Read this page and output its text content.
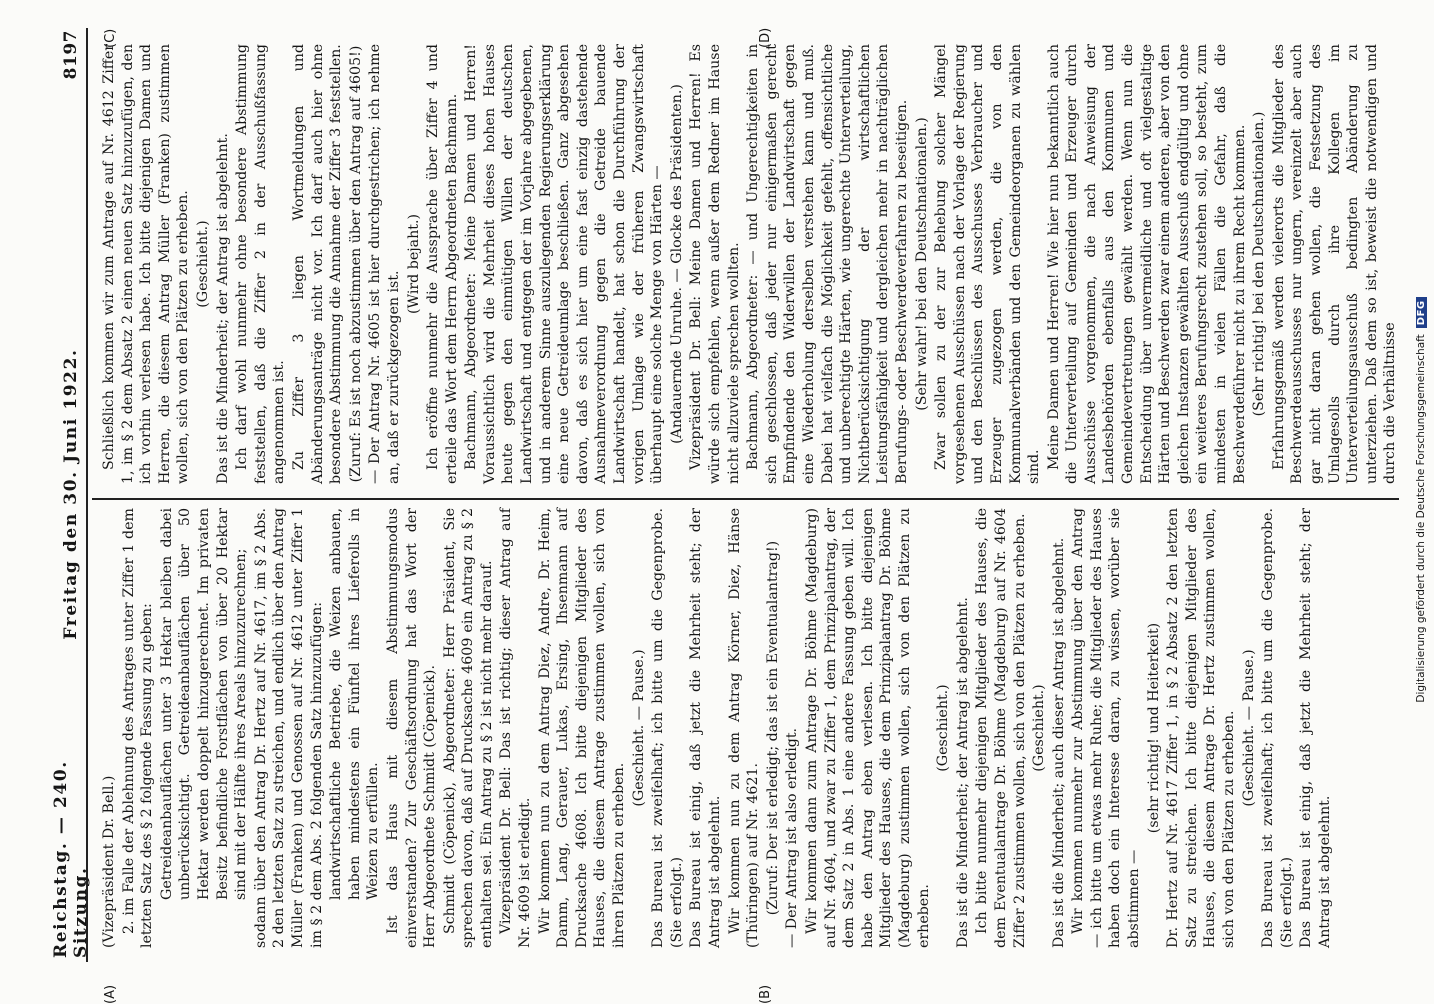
Reichstag. — 240. Sitzung.
Freitag den 30. Juni 1922.
8197
(A)	(B)
(C)	(D)

(Vizepräsident Dr. Bell.) 2. im Falle der Ablehnung des Antrages unter Ziffer 1 dem letzten Satz des § 2 folgende Fassung zu geben: Getreideanbauflächen unter 3 Hektar bleiben dabei unberücksichtigt. Getreideanbauflächen über 50 Hektar werden doppelt hinzugerechnet. Im privaten Besitz befindliche Forstflächen von über 20 Hektar sind mit der Hälfte ihres Areals hinzuzurechnen; sodann über den Antrag Dr. Hertz auf Nr. 4617, im § 2 Abs. 2 den letzten Satz zu streichen, und endlich über den Antrag Müller (Franken) und Genossen auf Nr. 4612 unter Ziffer 1 im § 2 dem Abs. 2 folgenden Satz hinzuzufügen: landwirtschaftliche Betriebe, die Weizen anbauen, haben mindestens ein Fünftel ihres Lieferolls in Weizen zu erfüllen. Ist das Haus mit diesem Abstimmungsmodus einverstanden? Zur Geschäftsordnung hat das Wort der Herr Abgeordnete Schmidt (Cöpenick). Schmidt (Cöpenick), Abgeordneter: Herr Präsident, Sie sprechen davon, daß auf Drucksache 4609 ein Antrag zu § 2 enthalten sei. Ein Antrag zu § 2 ist nicht mehr darauf. Vizepräsident Dr. Bell: Das ist richtig; dieser Antrag auf Nr. 4609 ist erledigt. Wir kommen nun zu dem Antrag Diez, Andre, Dr. Heim, Damm, Lang, Gerauer, Lukas, Ersing, Ihsenmann auf Drucksache 4608. Ich bitte diejenigen Mitglieder des Hauses, die diesem Antrage zustimmen wollen, sich von ihren Plätzen zu erheben.

(Geschieht. — Pause.) Das Bureau ist zweifelhaft; ich bitte um die Gegenprobe. (Sie erfolgt.) Das Bureau ist einig, daß jetzt die Mehrheit steht; der Antrag ist abgelehnt. Wir kommen nun zu dem Antrag Körner, Diez, Hänse (Thüringen) auf Nr. 4621. (Zuruf: Der ist erledigt; das ist ein Eventualantrag!) — Der Antrag ist also erledigt. Wir kommen dann zum Antrage Dr. Böhme (Magdeburg) auf Nr. 4604, und zwar zu Ziffer 1, dem Prinzipalantrag, der dem Satz 2 in Abs. 1 eine andere Fassung geben will. Ich habe den Antrag eben verlesen. Ich bitte diejenigen Mitglieder des Hauses, die dem Prinzipalantrag Dr. Böhme (Magdeburg) zustimmen wollen, sich von den Plätzen zu erheben.

(Geschieht.) Das ist die Minderheit; der Antrag ist abgelehnt. Ich bitte nunmehr diejenigen Mitglieder des Hauses, die dem Eventualantrage Dr. Böhme (Magdeburg) auf Nr. 4604 Ziffer 2 zustimmen wollen, sich von den Plätzen zu erheben. (Geschieht.) Das ist die Minderheit; auch dieser Antrag ist abgelehnt. Wir kommen nunmehr zur Abstimmung über den Antrag — ich bitte um etwas mehr Ruhe; die Mitglieder des Hauses haben doch ein Interesse daran, zu wissen, worüber sie abstimmen —

(sehr richtig! und Heiterkeit) Dr. Hertz auf Nr. 4617 Ziffer 1, in § 2 Absatz 2 den letzten Satz zu streichen. Ich bitte diejenigen Mitglieder des Hauses, die diesem Antrage Dr. Hertz zustimmen wollen, sich von den Plätzen zu erheben. (Geschieht. — Pause.) Das Bureau ist zweifelhaft; ich bitte um die Gegenprobe. (Sie erfolgt.) Das Bureau ist einig, daß jetzt die Mehrheit steht; der Antrag ist abgelehnt.

Schließlich kommen wir zum Antrage auf Nr. 4612 Ziffer 1, im § 2 dem Absatz 2 einen neuen Satz hinzuzufügen, den ich vorhin verlesen habe. Ich bitte diejenigen Damen und Herren, die diesem Antrag Müller (Franken) zustimmen wollen, sich von den Plätzen zu erheben. (Geschieht.) Das ist die Minderheit; der Antrag ist abgelehnt. Ich darf wohl nunmehr ohne besondere Abstimmung feststellen, daß die Ziffer 2 in der Ausschußfassung angenommen ist. Zu Ziffer 3 liegen Wortmeldungen und Abänderungsanträge nicht vor. Ich darf auch hier ohne besondere Abstimmung die Annahme der Ziffer 3 feststellen. (Zuruf: Es ist noch abzustimmen über den Antrag auf 4605!) — Der Antrag Nr. 4605 ist hier durchgestrichen; ich nehme an, daß er zurückgezogen ist.

(Wird bejaht.) Ich eröffne nunmehr die Aussprache über Ziffer 4 und erteile das Wort dem Herrn Abgeordneten Bachmann. Bachmann, Abgeordneter: Meine Damen und Herren! Voraussichtlich wird die Mehrheit dieses hohen Hauses heute gegen den einmütigen Willen der deutschen Landwirtschaft und entgegen der im Vorjahre abgegebenen, und in anderem Sinne auszulegenden Regierungserklärung eine neue Getreideumlage beschließen. Ganz abgesehen davon, daß es sich hier um eine fast einzig dastehende Ausnahmeverordnung gegen die Getreide bauende Landwirtschaft handelt, hat schon die Durchführung der vorigen Umlage wie der früheren Zwangswirtschaft überhaupt eine solche Menge von Härten — (Andauernde Unruhe. — Glocke des Präsidenten.) Vizepräsident Dr. Bell: Meine Damen und Herren! Es würde sich empfehlen, wenn außer dem Redner im Hause nicht allzuviele sprechen wollten. Bachmann, Abgeordneter: — und Ungerechtigkeiten in sich geschlossen, daß jeder nur einigermaßen gerecht Empfindende den Widerwillen der Landwirtschaft gegen eine Wiederholung derselben verstehen kann und muß. Dabei hat vielfach die Möglichkeit gefehlt, offensichtliche und unberechtigte Härten, wie ungerechte Unterverteilung, Nichtberücksichtigung der wirtschaftlichen Leistungsfähigkeit und dergleichen mehr in nachträglichen Berufungs- oder Beschwerdeverfahren zu beseitigen. (Sehr wahr! bei den Deutschnationalen.) Zwar sollen zu der zur Behebung solcher Mängel vorgesehenen Ausschüssen nach der Vorlage der Regierung und den Beschlüssen des Ausschusses Verbraucher und Erzeuger zugezogen werden, die von den Kommunalverbänden und den Gemeindeorganen zu wählen sind. Meine Damen und Herren! Wie hier nun bekanntlich auch die Unterverteilung auf Gemeinden und Erzeuger durch Ausschüsse vorgenommen, die nach Anweisung der Landesbehörden ebenfalls aus den Kommunen und Gemeindevertretungen gewählt werden. Wenn nun die Entscheidung über unvermeidliche und oft vielgestaltige Härten und Beschwerden zwar einem anderen, aber von den gleichen Instanzen gewählten Ausschuß endgültig und ohne ein weiteres Berufungsrecht zustehen soll, so besteht, zum mindesten in vielen Fällen die Gefahr, daß die Beschwerdeführer nicht zu ihrem Recht kommen. (Sehr richtig! bei den Deutschnationalen.) Erfahrungsgemäß werden vielerorts die Mitglieder des Beschwerdeausschusses nur ungern, vereinzelt aber auch gar nicht daran gehen wollen, die Festsetzung des Umlagesolls durch ihre Kollegen im Unterverteilungsausschuß bedingten Abänderung zu unterziehen. Daß dem so ist, beweist die notwendigen und durch die Verhältnisse Digitalisierung gefördert durch die Deutsche Forschungsgemeinschaft
DFG
